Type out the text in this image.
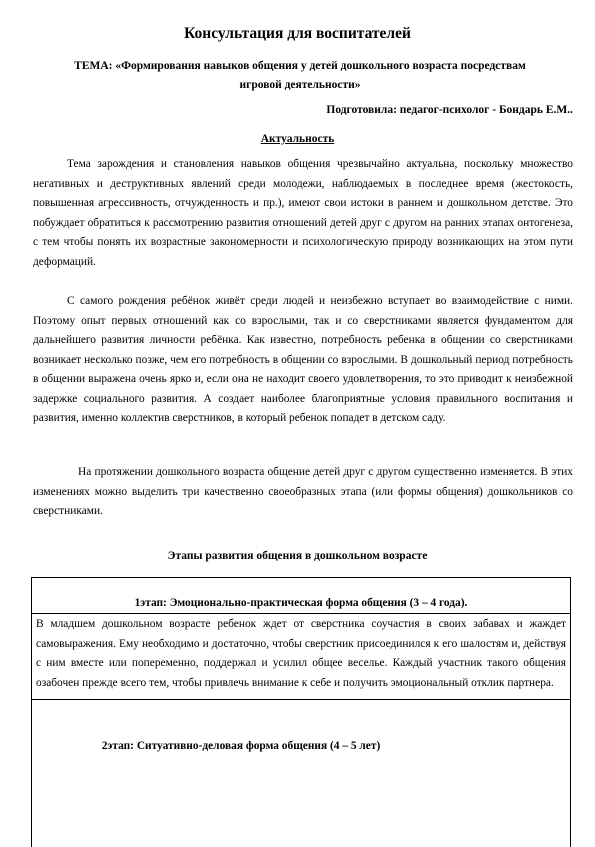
Консультация для воспитателей
ТЕМА: «Формирования навыков общения у детей дошкольного возраста посредствам игровой деятельности»
Подготовила: педагог-психолог - Бондарь Е.М..
Актуальность

Тема зарождения и становления навыков общения чрезвычайно актуальна, поскольку множество негативных и деструктивных явлений среди молодежи, наблюдаемых в последнее время (жестокость, повышенная агрессивность, отчужденность и пр.), имеют свои истоки в раннем и дошкольном детстве. Это побуждает обратиться к рассмотрению развития отношений детей друг с другом на ранних этапах онтогенеза, с тем чтобы понять их возрастные закономерности и психологическую природу возникающих на этом пути деформаций.

С самого рождения ребёнок живёт среди людей и неизбежно вступает во взаимодействие с ними. Поэтому опыт первых отношений как со взрослыми, так и со сверстниками является фундаментом для дальнейшего развития личности ребёнка. Как известно, потребность ребенка в общении со сверстниками возникает несколько позже, чем его потребность в общении со взрослыми. В дошкольный период потребность в общении выражена очень ярко и, если она не находит своего удовлетворения, то это приводит к неизбежной задержке социального развития. А создает наиболее благоприятные условия правильного воспитания и развития, именно коллектив сверстников, в который ребенок попадет в детском саду.

На протяжении дошкольного возраста общение детей друг с другом существенно изменяется. В этих изменениях можно выделить три качественно своеобразных этапа (или формы общения) дошкольников со сверстниками.

Этапы развития общения в дошкольном возрасте
1этап: Эмоционально-практическая форма общения (3 – 4 года).
В младшем дошкольном возрасте ребенок ждет от сверстника соучастия в своих забавах и жаждет самовыражения. Ему необходимо и достаточно, чтобы сверстник присоединился к его шалостям и, действуя с ним вместе или попеременно, поддержал и усилил общее веселье. Каждый участник такого общения озабочен прежде всего тем, чтобы привлечь внимание к себе и получить эмоциональный отклик партнера.
2этап: Ситуативно-деловая форма общения (4 – 5 лет)
